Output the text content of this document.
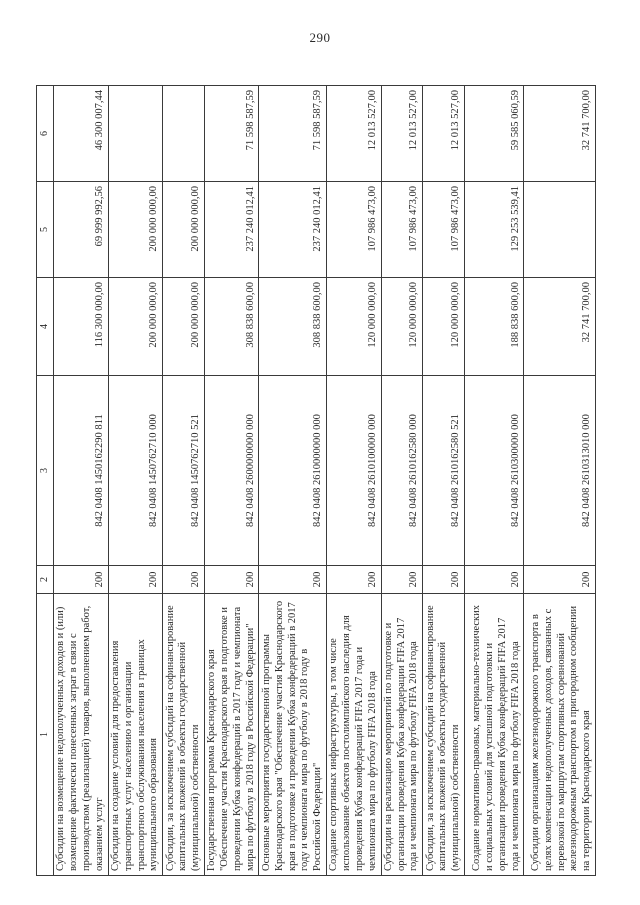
290
1	2	3	4	5	6
Субсидии на возмещение недополученных доходов и (или) возмещение фактически понесенных затрат в связи с производством (реализацией) товаров, выполнением работ, оказанием услуг	200	842 0408 1450162290 811	116 300 000,00	69 999 992,56	46 300 007,44
Субсидии на создание условий для предоставления транспортных услуг населению и организации транспортного обслуживания населения в границах муниципального образования	200	842 0408 1450762710 000	200 000 000,00	200 000 000,00	
Субсидии, за исключением субсидий на софинансирование капитальных вложений в объекты государственной (муниципальной) собственности	200	842 0408 1450762710 521	200 000 000,00	200 000 000,00	
Государственная программа Краснодарского края "Обеспечение участия Краснодарского края в подготовке и проведении Кубка конфедераций в 2017 году и чемпионата мира по футболу в 2018 году в Российской Федерации"	200	842 0408 2600000000 000	308 838 600,00	237 240 012,41	71 598 587,59
Основные мероприятия государственной программы Краснодарского края "Обеспечение участия Краснодарского края в подготовке и проведении Кубка конфедераций в 2017 году и чемпионата мира по футболу в 2018 году в Российской Федерации"	200	842 0408 2610000000 000	308 838 600,00	237 240 012,41	71 598 587,59
Создание спортивных инфраструктуры, в том числе использование объектов постолимпийского наследия для проведения Кубка конфедераций FIFA 2017 года и чемпионата мира по футболу FIFA 2018 года	200	842 0408 2610100000 000	120 000 000,00	107 986 473,00	12 013 527,00
Субсидии на реализацию мероприятий по подготовке и организации проведения Кубка конфедерации FIFA 2017 года и чемпионата мира по футболу FIFA 2018 года	200	842 0408 2610162580 000	120 000 000,00	107 986 473,00	12 013 527,00
Субсидии, за исключением субсидий на софинансирование капитальных вложений в объекты государственной (муниципальной) собственности	200	842 0408 2610162580 521	120 000 000,00	107 986 473,00	12 013 527,00
Создание нормативно-правовых, материально-технических и социальных условий для успешной подготовки и организации проведения Кубка конфедераций FIFA 2017 года и чемпионата мира по футболу FIFA 2018 года	200	842 0408 2610300000 000	188 838 600,00	129 253 539,41	59 585 060,59
Субсидии организациям железнодорожного транспорта в целях компенсации недополученных доходов, связанных с перевозкой по маршрутам спортивных соревнований железнодорожным транспортом в пригородном сообщении на территории Краснодарского края	200	842 0408 2610313010 000	32 741 700,00		32 741 700,00
